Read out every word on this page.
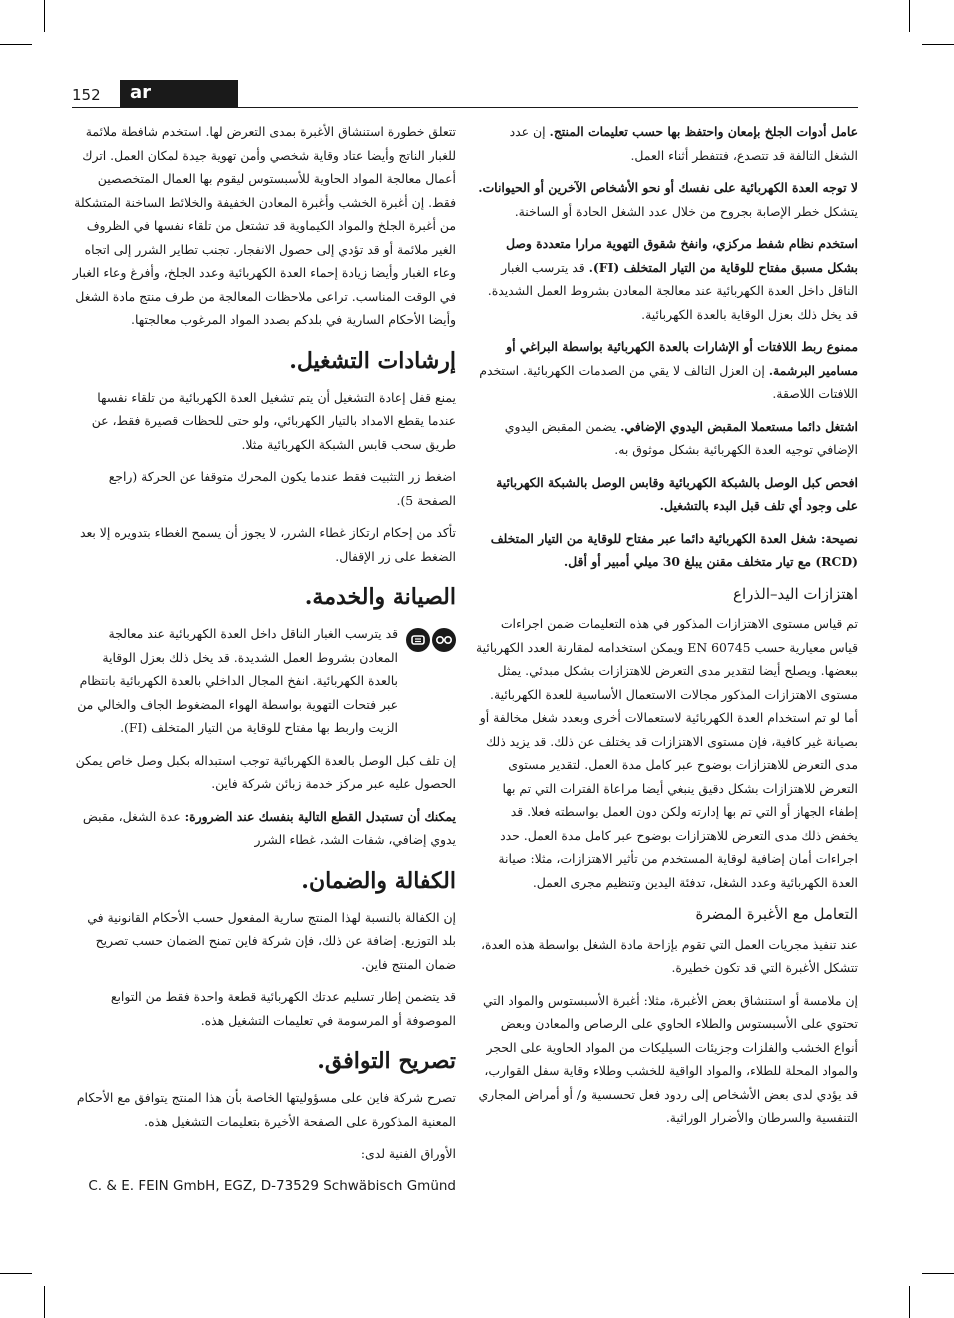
152 ar

عامل أدوات الجلخ بإمعان واحتفظ بها حسب تعليمات المنتج. إن عدد الشغل التالفة قد تتصدع، فتتفطر أثناء العمل.

لا توجه العدة الكهربائية على نفسك أو نحو الأشخاص الآخرين أو الحيوانات. يتشكل خطر الإصابة بجروح من خلال عدد الشغل الحادة أو الساخنة.

استخدم نظام شفط مركزي، وانفخ شقوق التهوية مرارا متعددة وصل بشكل مسبق مفتاح للوقاية من التيار المتخلف (FI). قد يترسب الغبار الناقل داخل العدة الكهربائية عند معالجة المعادن بشروط العمل الشديدة. قد يخل ذلك بعزل الوقاية بالعدة الكهربائية.

ممنوع ربط اللافتات أو الإشارات بالعدة الكهربائية بواسطة البراغي أو مسامير البرشمة. إن العزل التالف لا يقي من الصدمات الكهربائية. استخدم اللافتات اللاصقة.

اشتغل دائما مستعملا المقبض اليدوي الإضافي. يضمن المقبض اليدوي الإضافي توجيه العدة الكهربائية بشكل موثوق به.

افحص كبل الوصل بالشبكة الكهربائية وقابس الوصل بالشبكة الكهربائية على وجود أي تلف قبل البدء بالتشغيل.

نصيحة: شغل العدة الكهربائية دائما عبر مفتاح للوقاية من التيار المتخلف (RCD) مع تيار متخلف مقنن يبلغ 30 ميلي أمبير أو أقل.

اهتزازات اليد–الذراع

تم قياس مستوى الاهتزازات المذكور في هذه التعليمات ضمن اجراءات قياس معيارية حسب EN 60745 ويمكن استخدامه لمقارنة العدد الكهربائية ببعضها. ويصلح أيضا لتقدير مدى التعرض للاهتزازات بشكل مبدئي. يمثل مستوى الاهتزازات المذكور مجالات الاستعمال الأساسية للعدة الكهربائية. أما لو تم استخدام العدة الكهربائية لاستعمالات أخرى وبعدد شغل مخالفة أو بصيانة غير كافية، فإن مستوى الاهتزازات قد يختلف عن ذلك. قد يزيد ذلك مدى التعرض للاهتزازات بوضوح عبر كامل مدة العمل. لتقدير مستوى التعرض للاهتزازات بشكل دقيق ينبغي أيضا مراعاة الفترات التي تم بها إطفاء الجهاز أو التي تم بها إدارته ولكن دون العمل بواسطته فعلا. قد يخفض ذلك مدى التعرض للاهتزازات بوضوح عبر كامل مدة العمل. حدد اجراءات أمان إضافية لوقاية المستخدم من تأثير الاهتزازات، مثلا: صيانة العدة الكهربائية وعدد الشغل، تدفئة اليدين وتنظيم مجرى العمل.

التعامل مع الأغبرة المضرة

عند تنفيذ مجريات العمل التي تقوم بإزاحة مادة الشغل بواسطة هذه العدة، تتشكل الأغبرة التي قد تكون خطيرة.

إن ملامسة أو استنشاق بعض الأغبرة، مثلا: أغبرة الأسبستوس والمواد التي تحتوي على الأسبستوس والطلاء الحاوي على الرصاص والمعادن وبعض أنواع الخشب والفلزات وجزيئات السيليكات من المواد الحاوية على الحجر والمواد المحلة للطلاء، والمواد الواقية للخشب وطلاء وقاية سفل القوارب، قد يؤدي لدى بعض الأشخاص إلى ردود فعل تحسسية و/ أو أمراض المجاري التنفسية والسرطان والأضرار الوراثية.

تتعلق خطورة استنشاق الأغبرة بمدى التعرض لها. استخدم شافطة ملائمة للغبار الناتج وأيضا عتاد وقاية شخصي وأمن تهوية جيدة لمكان العمل. اترك أعمال معالجة المواد الحاوية للأسبستوس ليقوم بها العمال المتخصصين فقط. إن أغبرة الخشب وأغبرة المعادن الخفيفة والخلائط الساخنة المتشكلة من أغبرة الجلخ والمواد الكيماوية قد تشتعل من تلقاء نفسها في الظروف الغير ملائمة أو قد تؤدي إلى حصول الانفجار. تجنب تطاير الشرر إلى اتجاه وعاء الغبار وأيضا زيادة إحماء العدة الكهربائية وعدد الجلخ، وأفرغ وعاء الغبار في الوقت المناسب. تراعى ملاحظات المعالجة من طرف منتج مادة الشغل وأيضا الأحكام السارية في بلدكم بصدد المواد المرغوب معالجتها.

إرشادات التشغيل.

يمنع قفل إعادة التشغيل أن يتم تشغيل العدة الكهربائية من تلقاء نفسها عندما يقطع الامداد بالتيار الكهربائي، ولو حتى للحظات قصيرة فقط، عن طريق سحب قابس الشبكة الكهربائية مثلا.

اضغط زر التثبيت فقط عندما يكون المحرك متوقفا عن الحركة (راجع الصفحة 5).

تأكد من إحكام ارتكاز غطاء الشرر، لا يجوز أن يسمح الغطاء بتدويره إلا بعد الضغط على زر الإقفال.

الصيانة والخدمة.

قد يترسب الغبار الناقل داخل العدة الكهربائية عند معالجة المعادن بشروط العمل الشديدة. قد يخل ذلك بعزل الوقاية بالعدة الكهربائية. انفخ المجال الداخلي بالعدة الكهربائية بانتظام عبر فتحات التهوية بواسطة الهواء المضغوط الجاف والخالي من الزيت واربط بها مفتاح للوقاية من التيار المتخلف (FI).

إن تلف كبل الوصل بالعدة الكهربائية توجب استبداله بكبل وصل خاص يمكن الحصول عليه عبر مركز خدمة زبائن شركة فاين.

يمكنك أن تستبدل القطع التالية بنفسك عند الضرورة: عدة الشغل، مقبض يدوي إضافي، شفات الشد، غطاء الشرر

الكفالة والضمان.

إن الكفالة بالنسبة لهذا المنتج سارية المفعول حسب الأحكام القانونية في بلد التوزيع. إضافة عن ذلك، فإن شركة فاين تمنح الضمان حسب تصريح ضمان المنتج فاين.

قد يتضمن إطار تسليم عدتك الكهربائية قطعة واحدة فقط من التوابع الموصوفة أو المرسومة في تعليمات التشغيل هذه.

تصريح التوافق.

تصرح شركة فاين على مسؤوليتها الخاصة بأن هذا المنتج يتوافق مع الأحكام المعنية المذكورة على الصفحة الأخيرة بتعليمات التشغيل هذه.

الأوراق الفنية لدى:

C. & E. FEIN GmbH, EGZ, D-73529 Schwäbisch Gmünd
